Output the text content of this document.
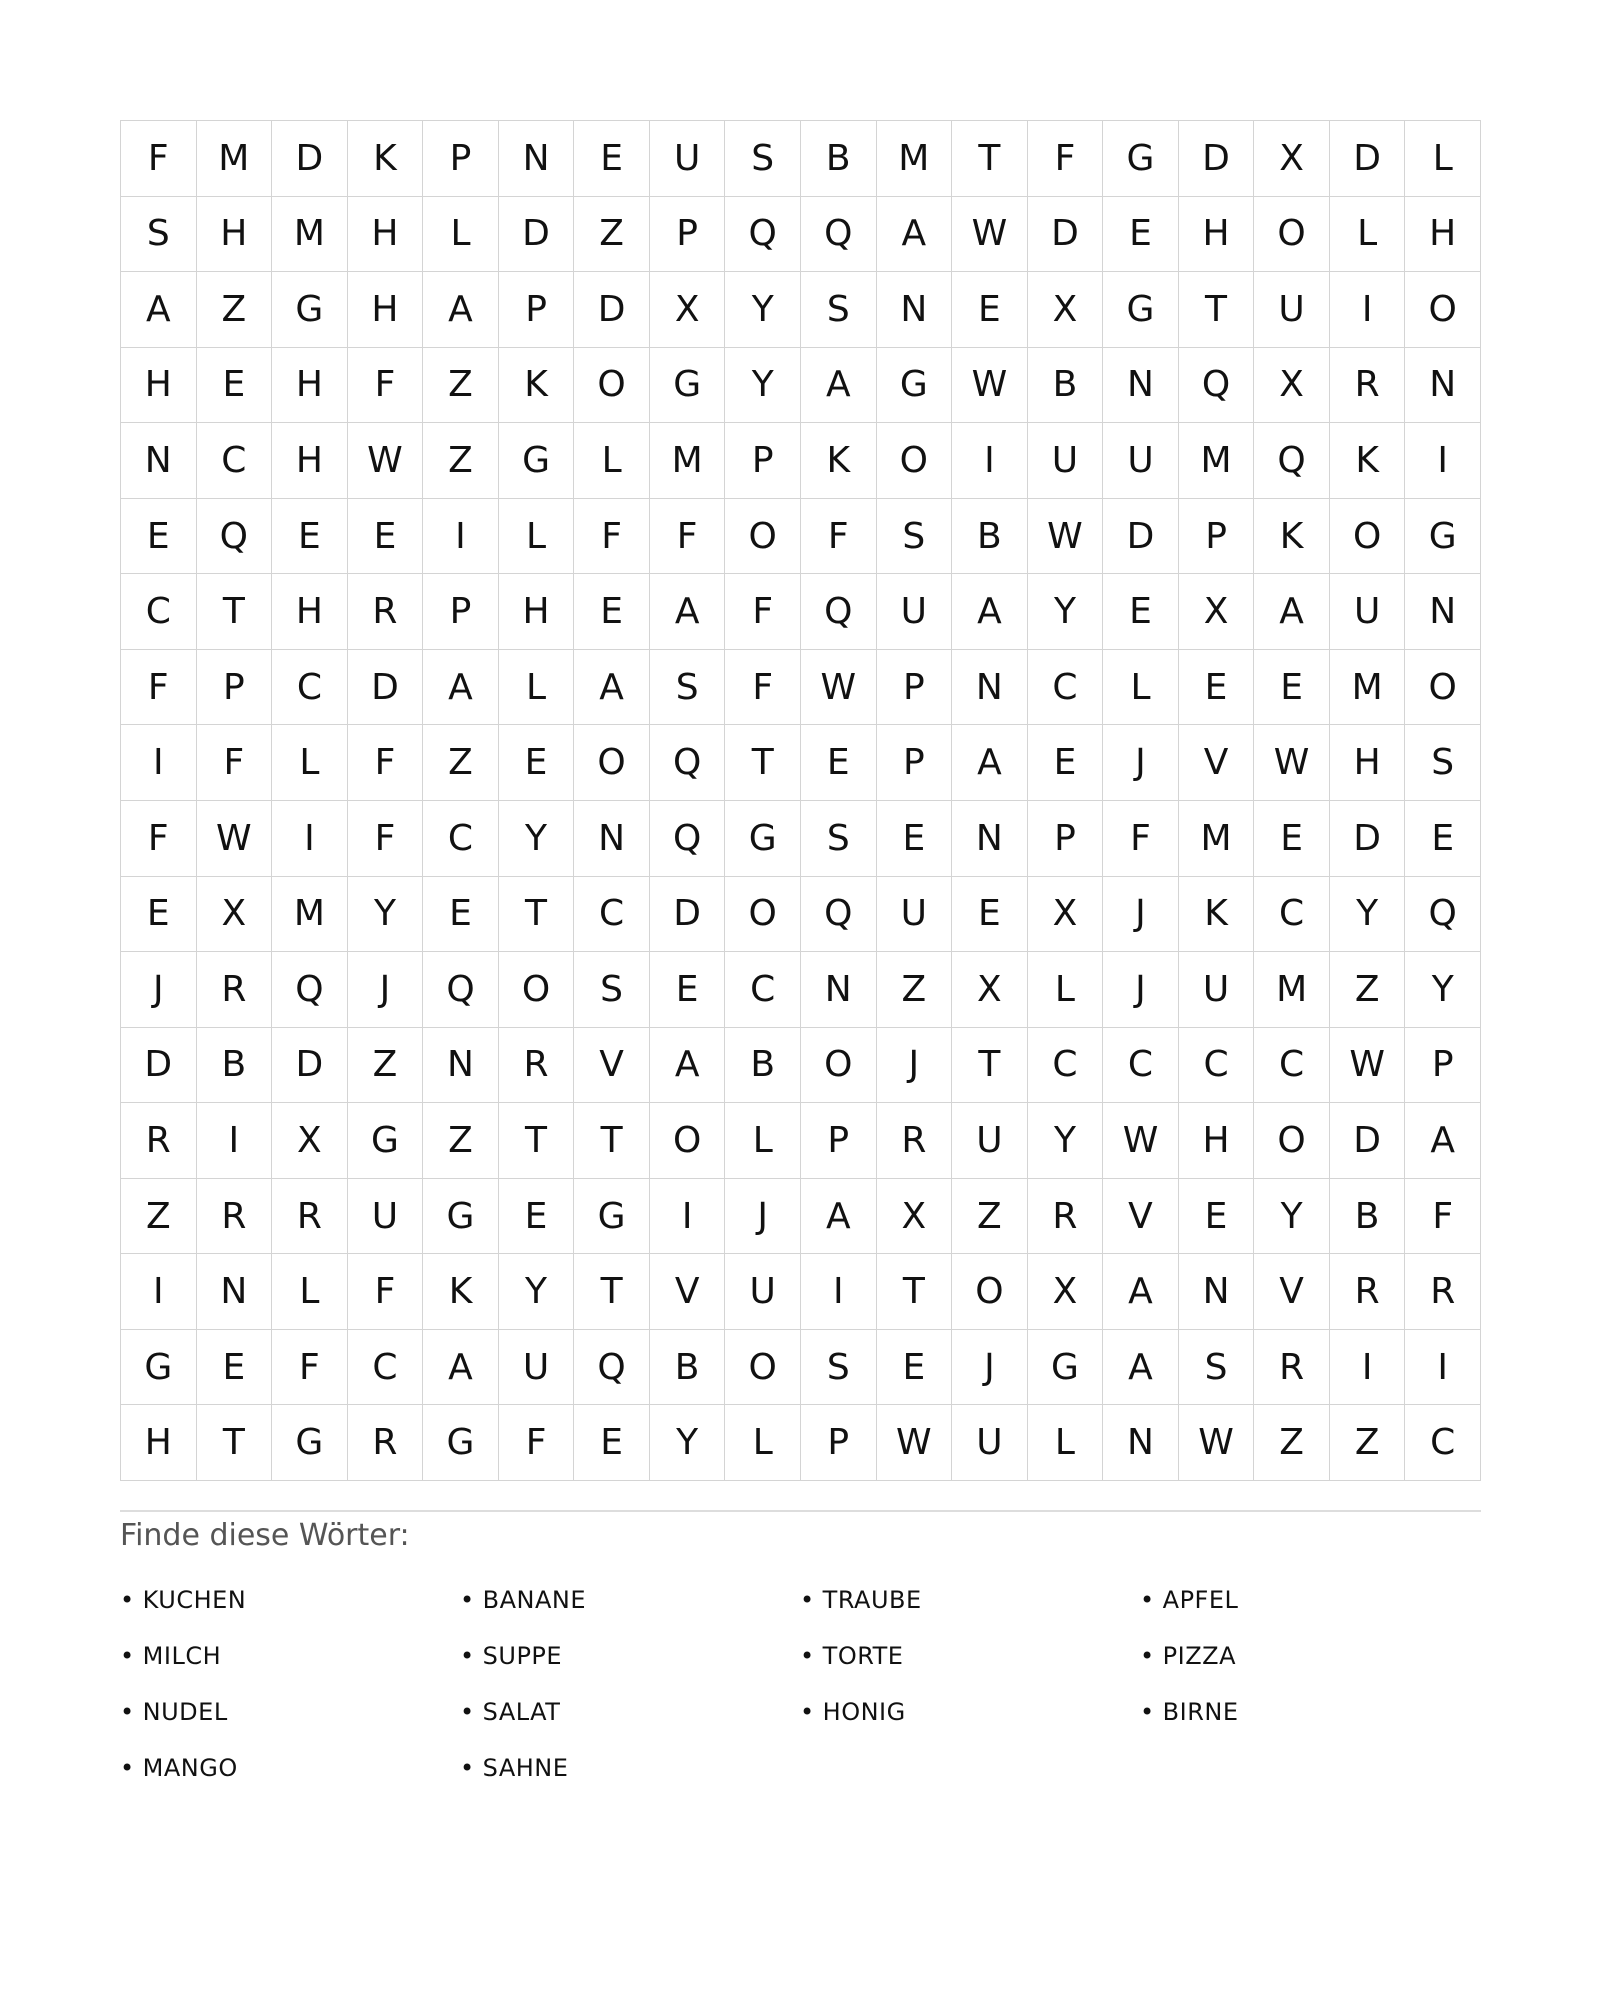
F	M	D	K	P	N	E	U	S	B	M	T	F	G	D	X	D	L
S	H	M	H	L	D	Z	P	Q	Q	A	W	D	E	H	O	L	H
A	Z	G	H	A	P	D	X	Y	S	N	E	X	G	T	U	I	O
H	E	H	F	Z	K	O	G	Y	A	G	W	B	N	Q	X	R	N
N	C	H	W	Z	G	L	M	P	K	O	I	U	U	M	Q	K	I
E	Q	E	E	I	L	F	F	O	F	S	B	W	D	P	K	O	G
C	T	H	R	P	H	E	A	F	Q	U	A	Y	E	X	A	U	N
F	P	C	D	A	L	A	S	F	W	P	N	C	L	E	E	M	O
I	F	L	F	Z	E	O	Q	T	E	P	A	E	J	V	W	H	S
F	W	I	F	C	Y	N	Q	G	S	E	N	P	F	M	E	D	E
E	X	M	Y	E	T	C	D	O	Q	U	E	X	J	K	C	Y	Q
J	R	Q	J	Q	O	S	E	C	N	Z	X	L	J	U	M	Z	Y
D	B	D	Z	N	R	V	A	B	O	J	T	C	C	C	C	W	P
R	I	X	G	Z	T	T	O	L	P	R	U	Y	W	H	O	D	A
Z	R	R	U	G	E	G	I	J	A	X	Z	R	V	E	Y	B	F
I	N	L	F	K	Y	T	V	U	I	T	O	X	A	N	V	R	R
G	E	F	C	A	U	Q	B	O	S	E	J	G	A	S	R	I	I
H	T	G	R	G	F	E	Y	L	P	W	U	L	N	W	Z	Z	C
Finde diese Wörter:
• KUCHEN	• BANANE	• TRAUBE	• APFEL
• MILCH	• SUPPE	• TORTE	• PIZZA
• NUDEL	• SALAT	• HONIG	• BIRNE
• MANGO	• SAHNE
